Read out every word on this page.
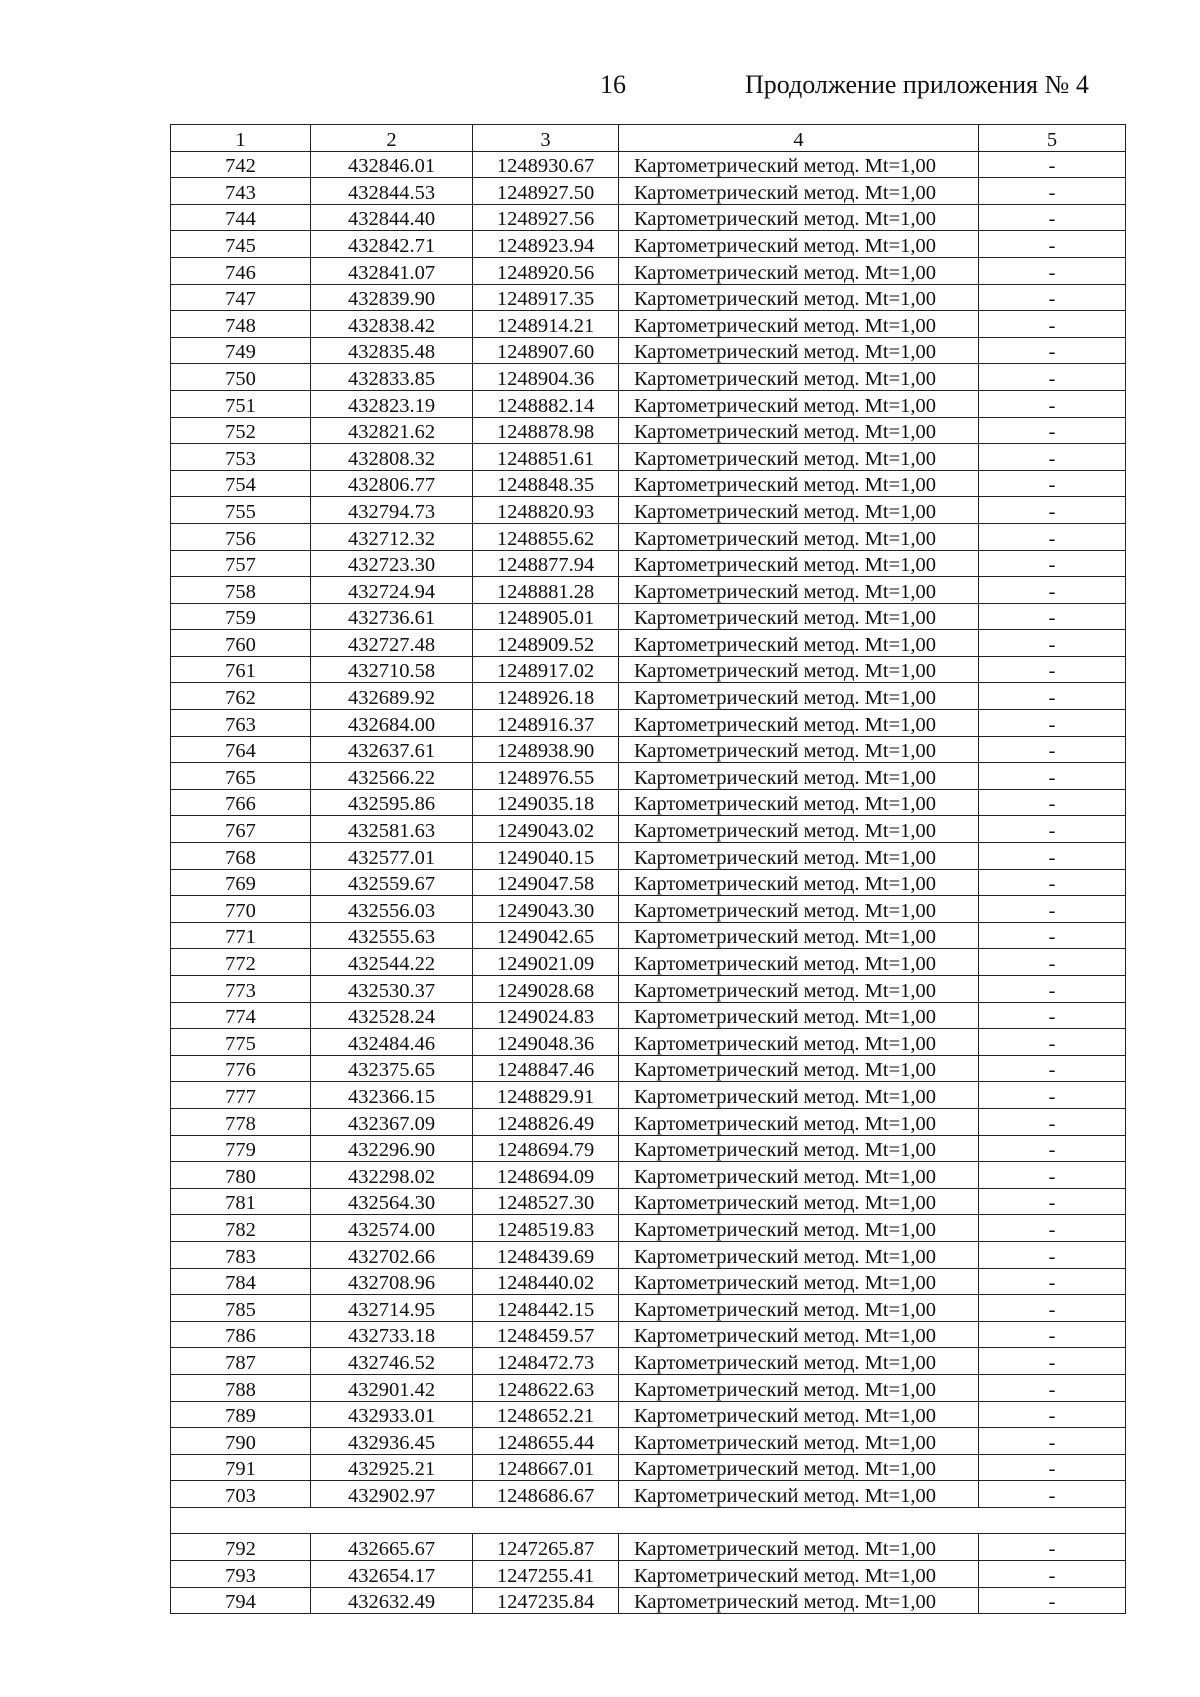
16	Продолжение приложения № 4
1	2	3	4	5
742	432846.01	1248930.67	Картометрический метод. Mt=1,00	-
743	432844.53	1248927.50	Картометрический метод. Mt=1,00	-
744	432844.40	1248927.56	Картометрический метод. Mt=1,00	-
745	432842.71	1248923.94	Картометрический метод. Mt=1,00	-
746	432841.07	1248920.56	Картометрический метод. Mt=1,00	-
747	432839.90	1248917.35	Картометрический метод. Mt=1,00	-
748	432838.42	1248914.21	Картометрический метод. Mt=1,00	-
749	432835.48	1248907.60	Картометрический метод. Mt=1,00	-
750	432833.85	1248904.36	Картометрический метод. Mt=1,00	-
751	432823.19	1248882.14	Картометрический метод. Mt=1,00	-
752	432821.62	1248878.98	Картометрический метод. Mt=1,00	-
753	432808.32	1248851.61	Картометрический метод. Mt=1,00	-
754	432806.77	1248848.35	Картометрический метод. Mt=1,00	-
755	432794.73	1248820.93	Картометрический метод. Mt=1,00	-
756	432712.32	1248855.62	Картометрический метод. Mt=1,00	-
757	432723.30	1248877.94	Картометрический метод. Mt=1,00	-
758	432724.94	1248881.28	Картометрический метод. Mt=1,00	-
759	432736.61	1248905.01	Картометрический метод. Mt=1,00	-
760	432727.48	1248909.52	Картометрический метод. Mt=1,00	-
761	432710.58	1248917.02	Картометрический метод. Mt=1,00	-
762	432689.92	1248926.18	Картометрический метод. Mt=1,00	-
763	432684.00	1248916.37	Картометрический метод. Mt=1,00	-
764	432637.61	1248938.90	Картометрический метод. Mt=1,00	-
765	432566.22	1248976.55	Картометрический метод. Mt=1,00	-
766	432595.86	1249035.18	Картометрический метод. Mt=1,00	-
767	432581.63	1249043.02	Картометрический метод. Mt=1,00	-
768	432577.01	1249040.15	Картометрический метод. Mt=1,00	-
769	432559.67	1249047.58	Картометрический метод. Mt=1,00	-
770	432556.03	1249043.30	Картометрический метод. Mt=1,00	-
771	432555.63	1249042.65	Картометрический метод. Mt=1,00	-
772	432544.22	1249021.09	Картометрический метод. Mt=1,00	-
773	432530.37	1249028.68	Картометрический метод. Mt=1,00	-
774	432528.24	1249024.83	Картометрический метод. Mt=1,00	-
775	432484.46	1249048.36	Картометрический метод. Mt=1,00	-
776	432375.65	1248847.46	Картометрический метод. Mt=1,00	-
777	432366.15	1248829.91	Картометрический метод. Mt=1,00	-
778	432367.09	1248826.49	Картометрический метод. Mt=1,00	-
779	432296.90	1248694.79	Картометрический метод. Mt=1,00	-
780	432298.02	1248694.09	Картометрический метод. Mt=1,00	-
781	432564.30	1248527.30	Картометрический метод. Mt=1,00	-
782	432574.00	1248519.83	Картометрический метод. Mt=1,00	-
783	432702.66	1248439.69	Картометрический метод. Mt=1,00	-
784	432708.96	1248440.02	Картометрический метод. Mt=1,00	-
785	432714.95	1248442.15	Картометрический метод. Mt=1,00	-
786	432733.18	1248459.57	Картометрический метод. Mt=1,00	-
787	432746.52	1248472.73	Картометрический метод. Mt=1,00	-
788	432901.42	1248622.63	Картометрический метод. Mt=1,00	-
789	432933.01	1248652.21	Картометрический метод. Mt=1,00	-
790	432936.45	1248655.44	Картометрический метод. Mt=1,00	-
791	432925.21	1248667.01	Картометрический метод. Mt=1,00	-
703	432902.97	1248686.67	Картометрический метод. Mt=1,00	-

792	432665.67	1247265.87	Картометрический метод. Mt=1,00	-
793	432654.17	1247255.41	Картометрический метод. Mt=1,00	-
794	432632.49	1247235.84	Картометрический метод. Mt=1,00	-
